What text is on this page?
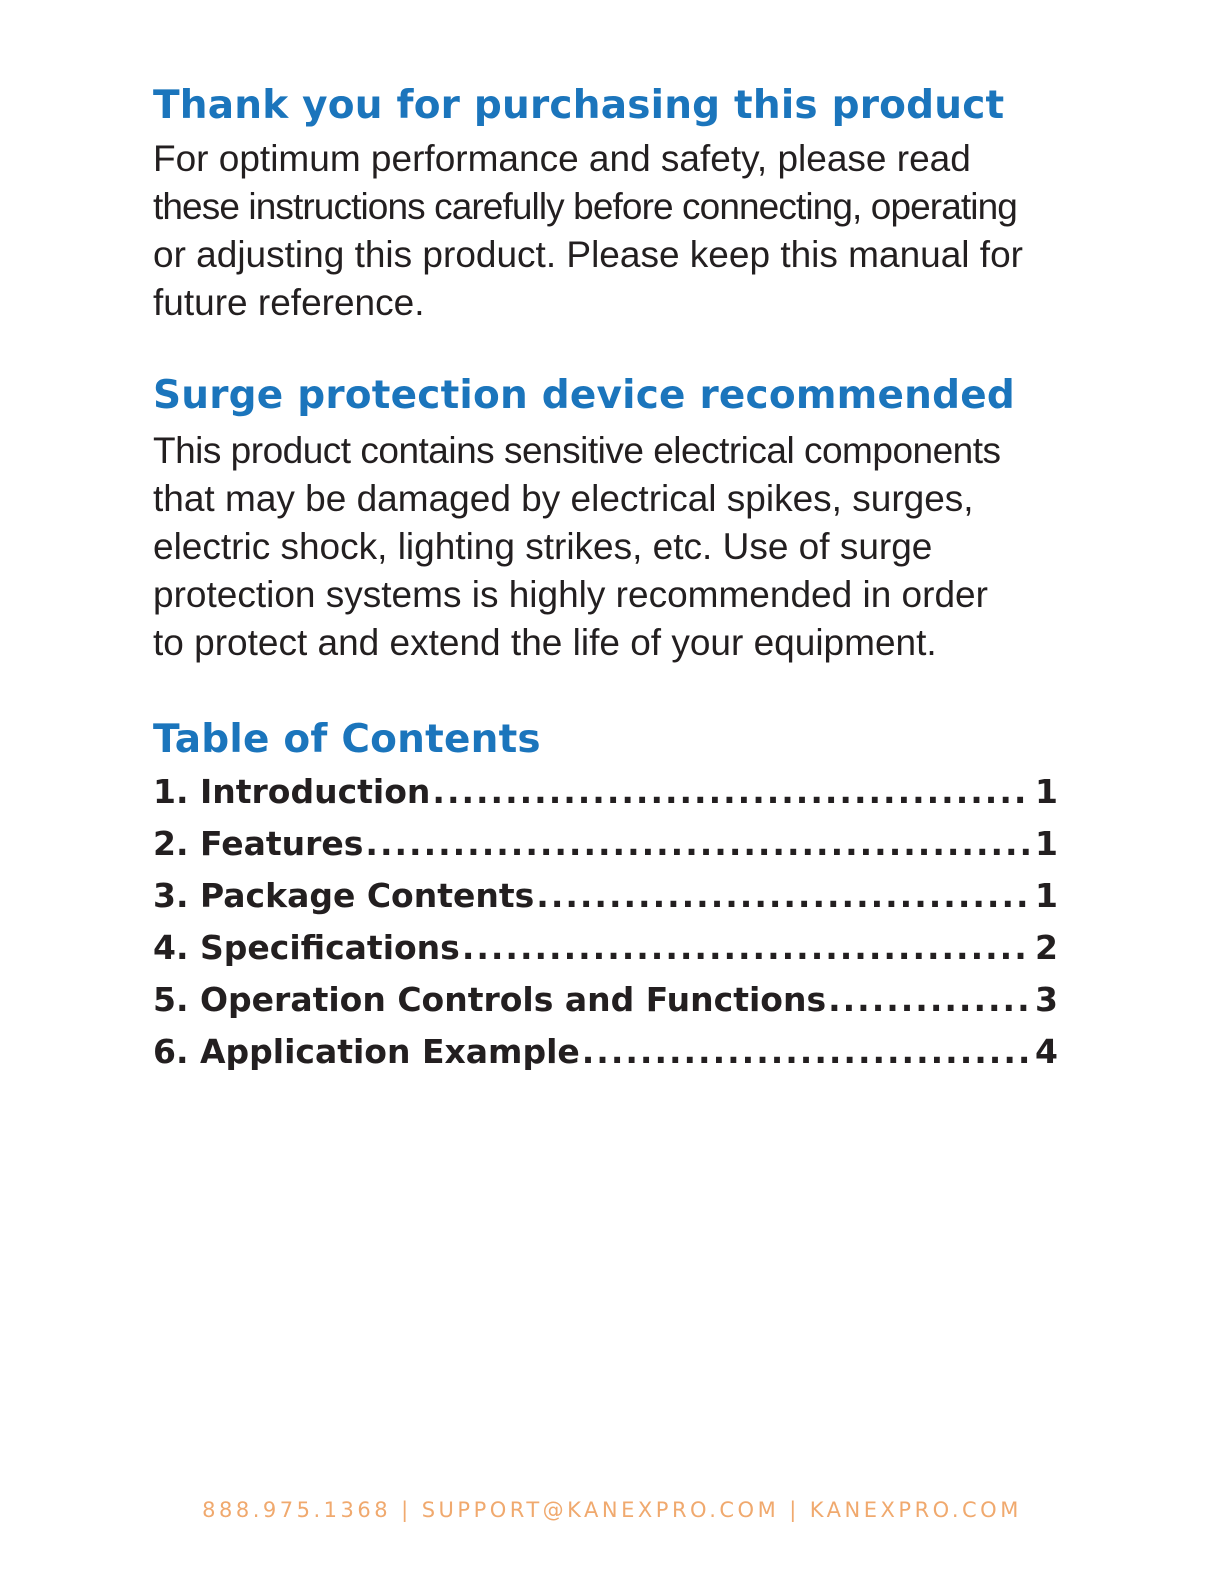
Thank you for purchasing this product

For optimum performance and safety, please read
these instructions carefully before connecting, operating
or adjusting this product. Please keep this manual for
future reference.

Surge protection device recommended

This product contains sensitive electrical components
that may be damaged by electrical spikes, surges,
electric shock, lighting strikes, etc. Use of surge
protection systems is highly recommended in order
to protect and extend the life of your equipment.

Table of Contents
1. Introduction .....	1
2. Features .....	1
3. Package Contents .....	1
4. Specifications .....	2
5. Operation Controls and Functions .....	3
6. Application Example .....	4
888.975.1368 | SUPPORT@KANEXPRO.COM | KANEXPRO.COM
